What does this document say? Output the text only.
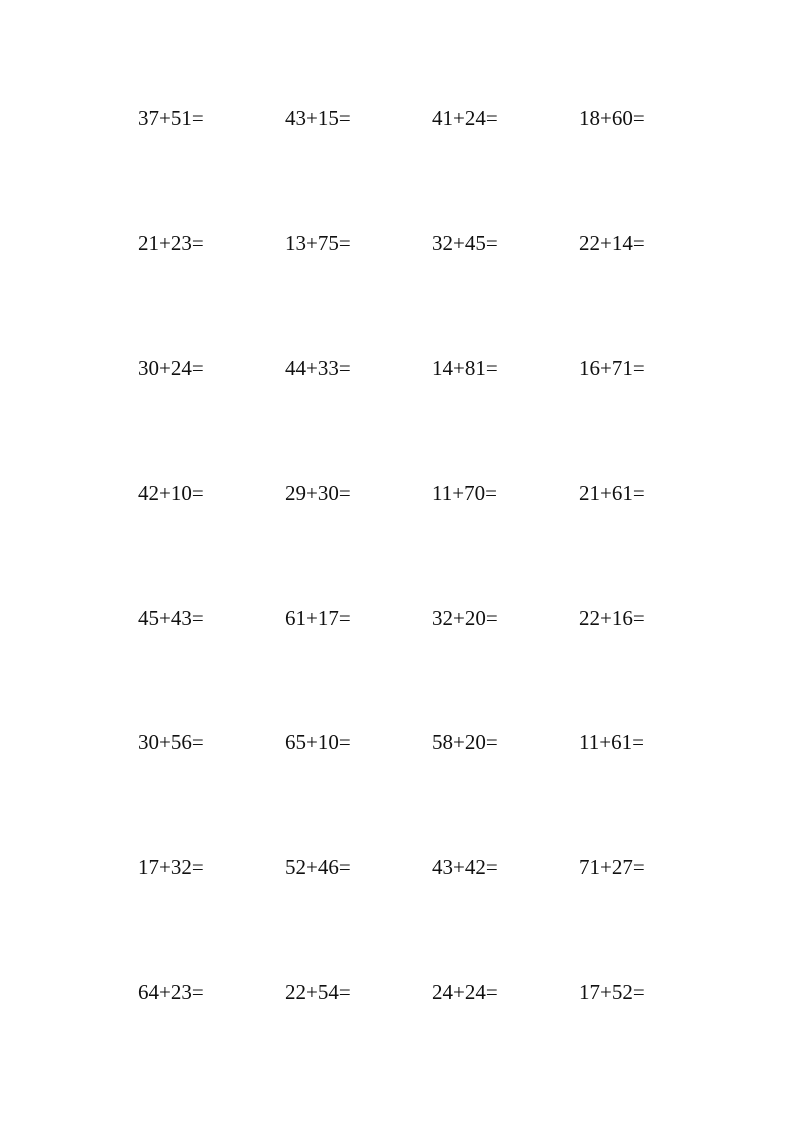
37+51=	43+15=	41+24=	18+60=
21+23=	13+75=	32+45=	22+14=
30+24=	44+33=	14+81=	16+71=
42+10=	29+30=	11+70=	21+61=
45+43=	61+17=	32+20=	22+16=
30+56=	65+10=	58+20=	11+61=
17+32=	52+46=	43+42=	71+27=
64+23=	22+54=	24+24=	17+52=
